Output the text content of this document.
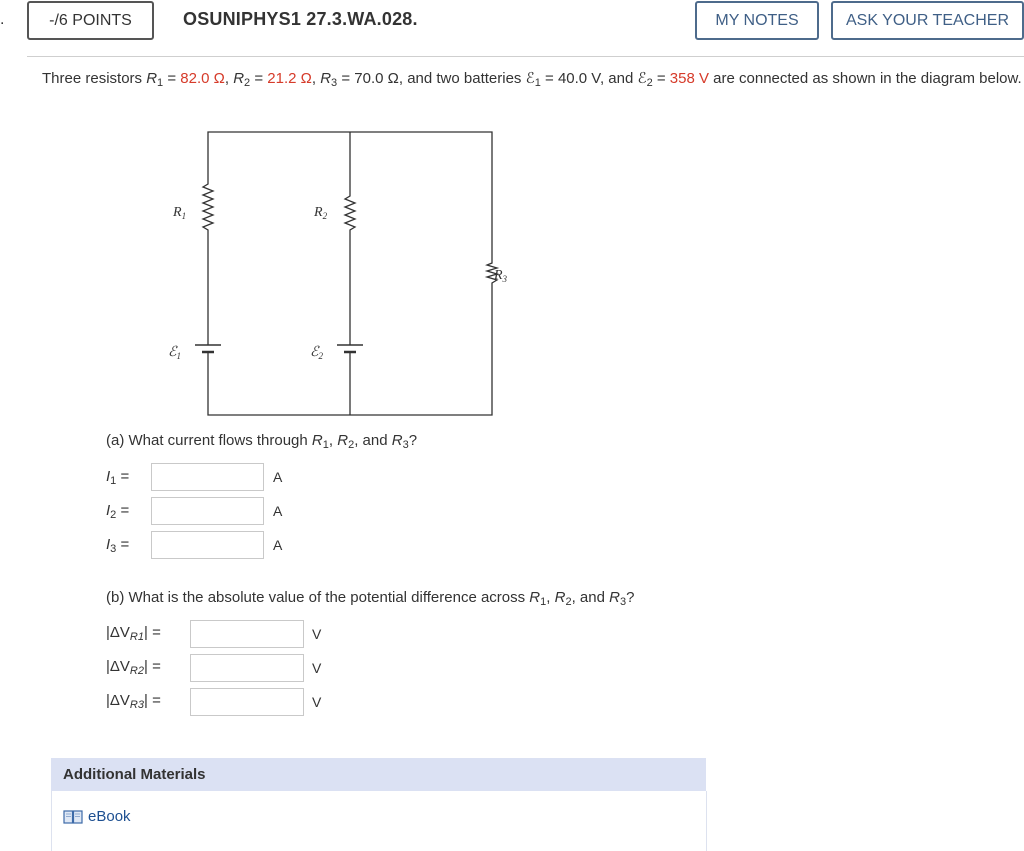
.	-/6 POINTS	OSUNIPHYS1 27.3.WA.028.	MY NOTES	ASK YOUR TEACHER
Three resistors $R_1 = 82.0$ Ω, $R_2 = 21.2$ Ω, $R_3 = 70.0$ Ω, and two batteries ℰ$_1$ = 40.0 V, and ℰ$_2$ = 358 V are connected as shown in the diagram below.
$R_1$	$R_2$
$R_3$
ℰ$_1$	ℰ$_2$
(a) What current flows through $R_1$, $R_2$, and $R_3$?
$I_1$ =	A
$I_2$ =	A
$I_3$ =	A
(b) What is the absolute value of the potential difference across $R_1$, $R_2$, and $R_3$?
$|\Delta V_{R1}|$ =	V
$|\Delta V_{R2}|$ =	V
$|\Delta V_{R3}|$ =	V
Additional Materials
eBook
